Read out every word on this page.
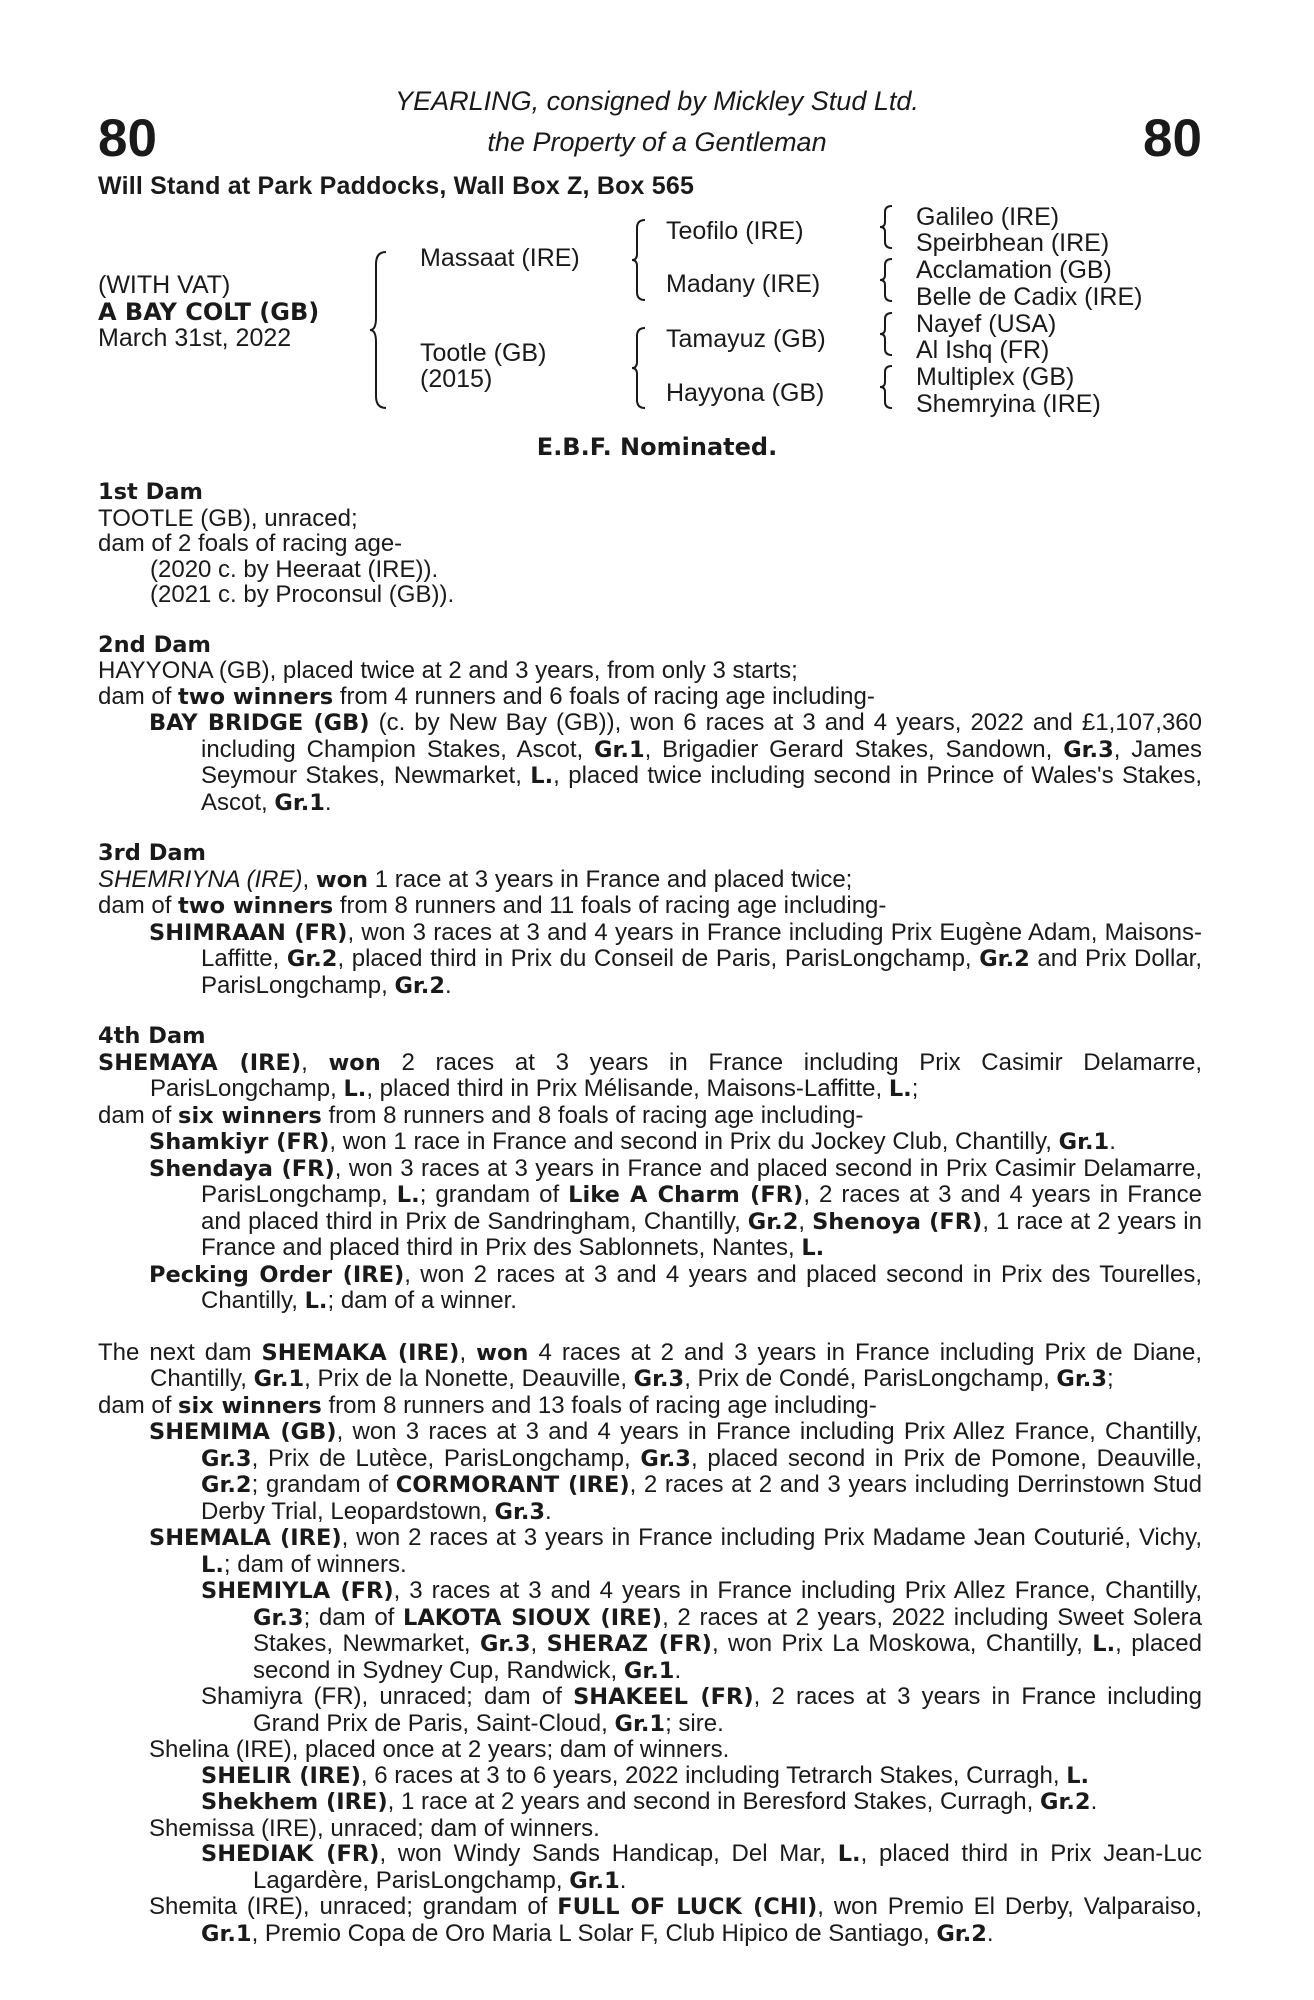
80	80
YEARLING, consigned by Mickley Stud Ltd.
the Property of a Gentleman
Will Stand at Park Paddocks, Wall Box Z, Box 565
(WITH VAT)
A BAY COLT (GB)
March 31st, 2022
Massaat (IRE)
Tootle (GB)
(2015)
Teofilo (IRE)
Madany (IRE)
Tamayuz (GB)
Hayyona (GB)
Galileo (IRE)
Speirbhean (IRE)
Acclamation (GB)
Belle de Cadix (IRE)
Nayef (USA)
Al Ishq (FR)
Multiplex (GB)
Shemryina (IRE)
E.B.F. Nominated.

1st Dam

TOOTLE (GB), unraced;

dam of 2 foals of racing age-

(2020 c. by Heeraat (IRE)).

(2021 c. by Proconsul (GB)).

2nd Dam

HAYYONA (GB), placed twice at 2 and 3 years, from only 3 starts;

dam of two winners from 4 runners and 6 foals of racing age including-

BAY BRIDGE (GB) (c. by New Bay (GB)), won 6 races at 3 and 4 years, 2022 and £1,107,360 including Champion Stakes, Ascot, Gr.1, Brigadier Gerard Stakes, Sandown, Gr.3, James Seymour Stakes, Newmarket, L., placed twice including second in Prince of Wales's Stakes, Ascot, Gr.1.

3rd Dam

SHEMRIYNA (IRE), won 1 race at 3 years in France and placed twice;

dam of two winners from 8 runners and 11 foals of racing age including-

SHIMRAAN (FR), won 3 races at 3 and 4 years in France including Prix Eugène Adam, Maisons-Laffitte, Gr.2, placed third in Prix du Conseil de Paris, ParisLongchamp, Gr.2 and Prix Dollar, ParisLongchamp, Gr.2.

4th Dam

SHEMAYA (IRE), won 2 races at 3 years in France including Prix Casimir Delamarre, ParisLongchamp, L., placed third in Prix Mélisande, Maisons-Laffitte, L.;

dam of six winners from 8 runners and 8 foals of racing age including-

Shamkiyr (FR), won 1 race in France and second in Prix du Jockey Club, Chantilly, Gr.1.

Shendaya (FR), won 3 races at 3 years in France and placed second in Prix Casimir Delamarre, ParisLongchamp, L.; grandam of Like A Charm (FR), 2 races at 3 and 4 years in France and placed third in Prix de Sandringham, Chantilly, Gr.2, Shenoya (FR), 1 race at 2 years in France and placed third in Prix des Sablonnets, Nantes, L.

Pecking Order (IRE), won 2 races at 3 and 4 years and placed second in Prix des Tourelles, Chantilly, L.; dam of a winner.

The next dam SHEMAKA (IRE), won 4 races at 2 and 3 years in France including Prix de Diane, Chantilly, Gr.1, Prix de la Nonette, Deauville, Gr.3, Prix de Condé, ParisLongchamp, Gr.3;

dam of six winners from 8 runners and 13 foals of racing age including-

SHEMIMA (GB), won 3 races at 3 and 4 years in France including Prix Allez France, Chantilly, Gr.3, Prix de Lutèce, ParisLongchamp, Gr.3, placed second in Prix de Pomone, Deauville, Gr.2; grandam of CORMORANT (IRE), 2 races at 2 and 3 years including Derrinstown Stud Derby Trial, Leopardstown, Gr.3.

SHEMALA (IRE), won 2 races at 3 years in France including Prix Madame Jean Couturié, Vichy, L.; dam of winners.

SHEMIYLA (FR), 3 races at 3 and 4 years in France including Prix Allez France, Chantilly, Gr.3; dam of LAKOTA SIOUX (IRE), 2 races at 2 years, 2022 including Sweet Solera Stakes, Newmarket, Gr.3, SHERAZ (FR), won Prix La Moskowa, Chantilly, L., placed second in Sydney Cup, Randwick, Gr.1.

Shamiyra (FR), unraced; dam of SHAKEEL (FR), 2 races at 3 years in France including Grand Prix de Paris, Saint-Cloud, Gr.1; sire.

Shelina (IRE), placed once at 2 years; dam of winners.

SHELIR (IRE), 6 races at 3 to 6 years, 2022 including Tetrarch Stakes, Curragh, L.

Shekhem (IRE), 1 race at 2 years and second in Beresford Stakes, Curragh, Gr.2.

Shemissa (IRE), unraced; dam of winners.

SHEDIAK (FR), won Windy Sands Handicap, Del Mar, L., placed third in Prix Jean-Luc Lagardère, ParisLongchamp, Gr.1.

Shemita (IRE), unraced; grandam of FULL OF LUCK (CHI), won Premio El Derby, Valparaiso, Gr.1, Premio Copa de Oro Maria L Solar F, Club Hipico de Santiago, Gr.2.
